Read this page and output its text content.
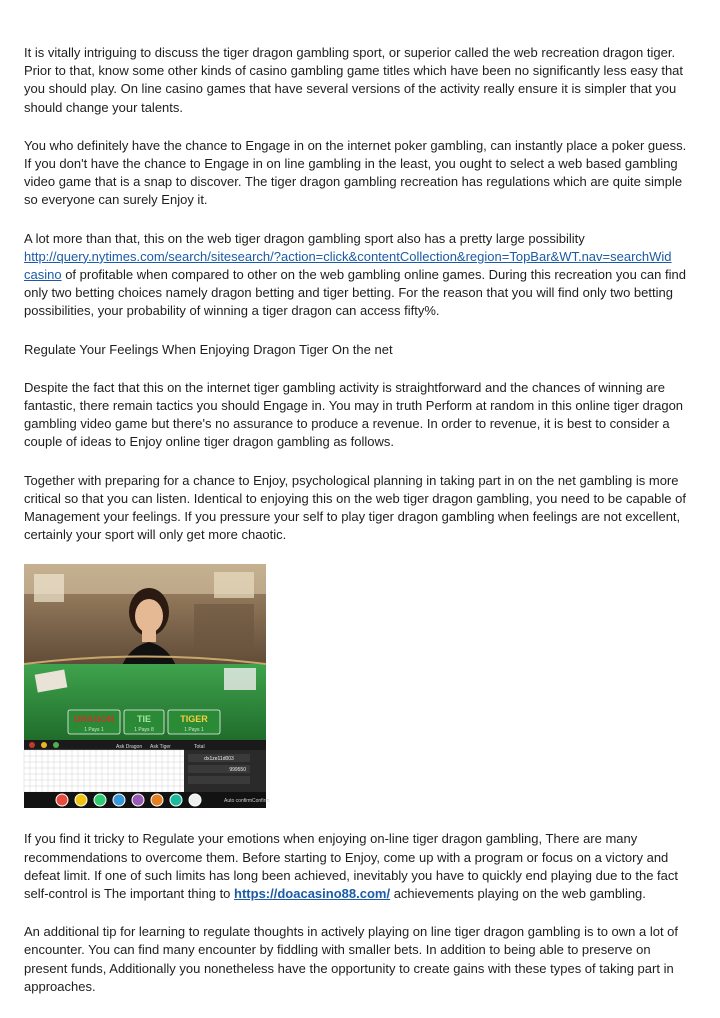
It is vitally intriguing to discuss the tiger dragon gambling sport, or superior called the web recreation dragon tiger. Prior to that, know some other kinds of casino gambling game titles which have been no significantly less easy that you should play. On line casino games that have several versions of the activity really ensure it is simpler that you should change your talents.

You who definitely have the chance to Engage in on the internet poker gambling, can instantly place a poker guess. If you don't have the chance to Engage in on line gambling in the least, you ought to select a web based gambling video game that is a snap to discover. The tiger dragon gambling recreation has regulations which are quite simple so everyone can surely Enjoy it.

A lot more than that, this on the web tiger dragon gambling sport also has a pretty large possibility
http://query.nytimes.com/search/sitesearch/?action=click&contentCollection&region=TopBar&WT.nav=searchWid
casino of profitable when compared to other on the web gambling online games. During this recreation you can find only two betting choices namely dragon betting and tiger betting. For the reason that you will find only two betting possibilities, your probability of winning a tiger dragon can access fifty%.

Regulate Your Feelings When Enjoying Dragon Tiger On the net

Despite the fact that this on the internet tiger gambling activity is straightforward and the chances of winning are fantastic, there remain tactics you should Engage in. You may in truth Perform at random in this online tiger dragon gambling video game but there's no assurance to produce a revenue. In order to revenue, it is best to consider a couple of ideas to Enjoy online tiger dragon gambling as follows.

Together with preparing for a chance to Enjoy, psychological planning in taking part in on the net gambling is more critical so that you can listen. Identical to enjoying this on the web tiger dragon gambling, you need to be capable of Management your feelings. If you pressure your self to play tiger dragon gambling when feelings are not excellent, certainly your sport will only get more chaotic.

DRAGON	TIE	TIGER
1 Pays 1	1 Pays 8	1 Pays 1
Ask Dragon Ask Tiger	Total
dx1ze11d003
999550
Auto confirm Confirm

If you find it tricky to Regulate your emotions when enjoying on-line tiger dragon gambling, There are many recommendations to overcome them. Before starting to Enjoy, come up with a program or focus on a victory and defeat limit. If one of such limits has long been achieved, inevitably you have to quickly end playing due to the fact self-control is The important thing to https://doacasino88.com/ achievements playing on the web gambling.

An additional tip for learning to regulate thoughts in actively playing on line tiger dragon gambling is to own a lot of encounter. You can find many encounter by fiddling with smaller bets. In addition to being able to preserve on present funds, Additionally you nonetheless have the opportunity to create gains with these types of taking part in approaches.
